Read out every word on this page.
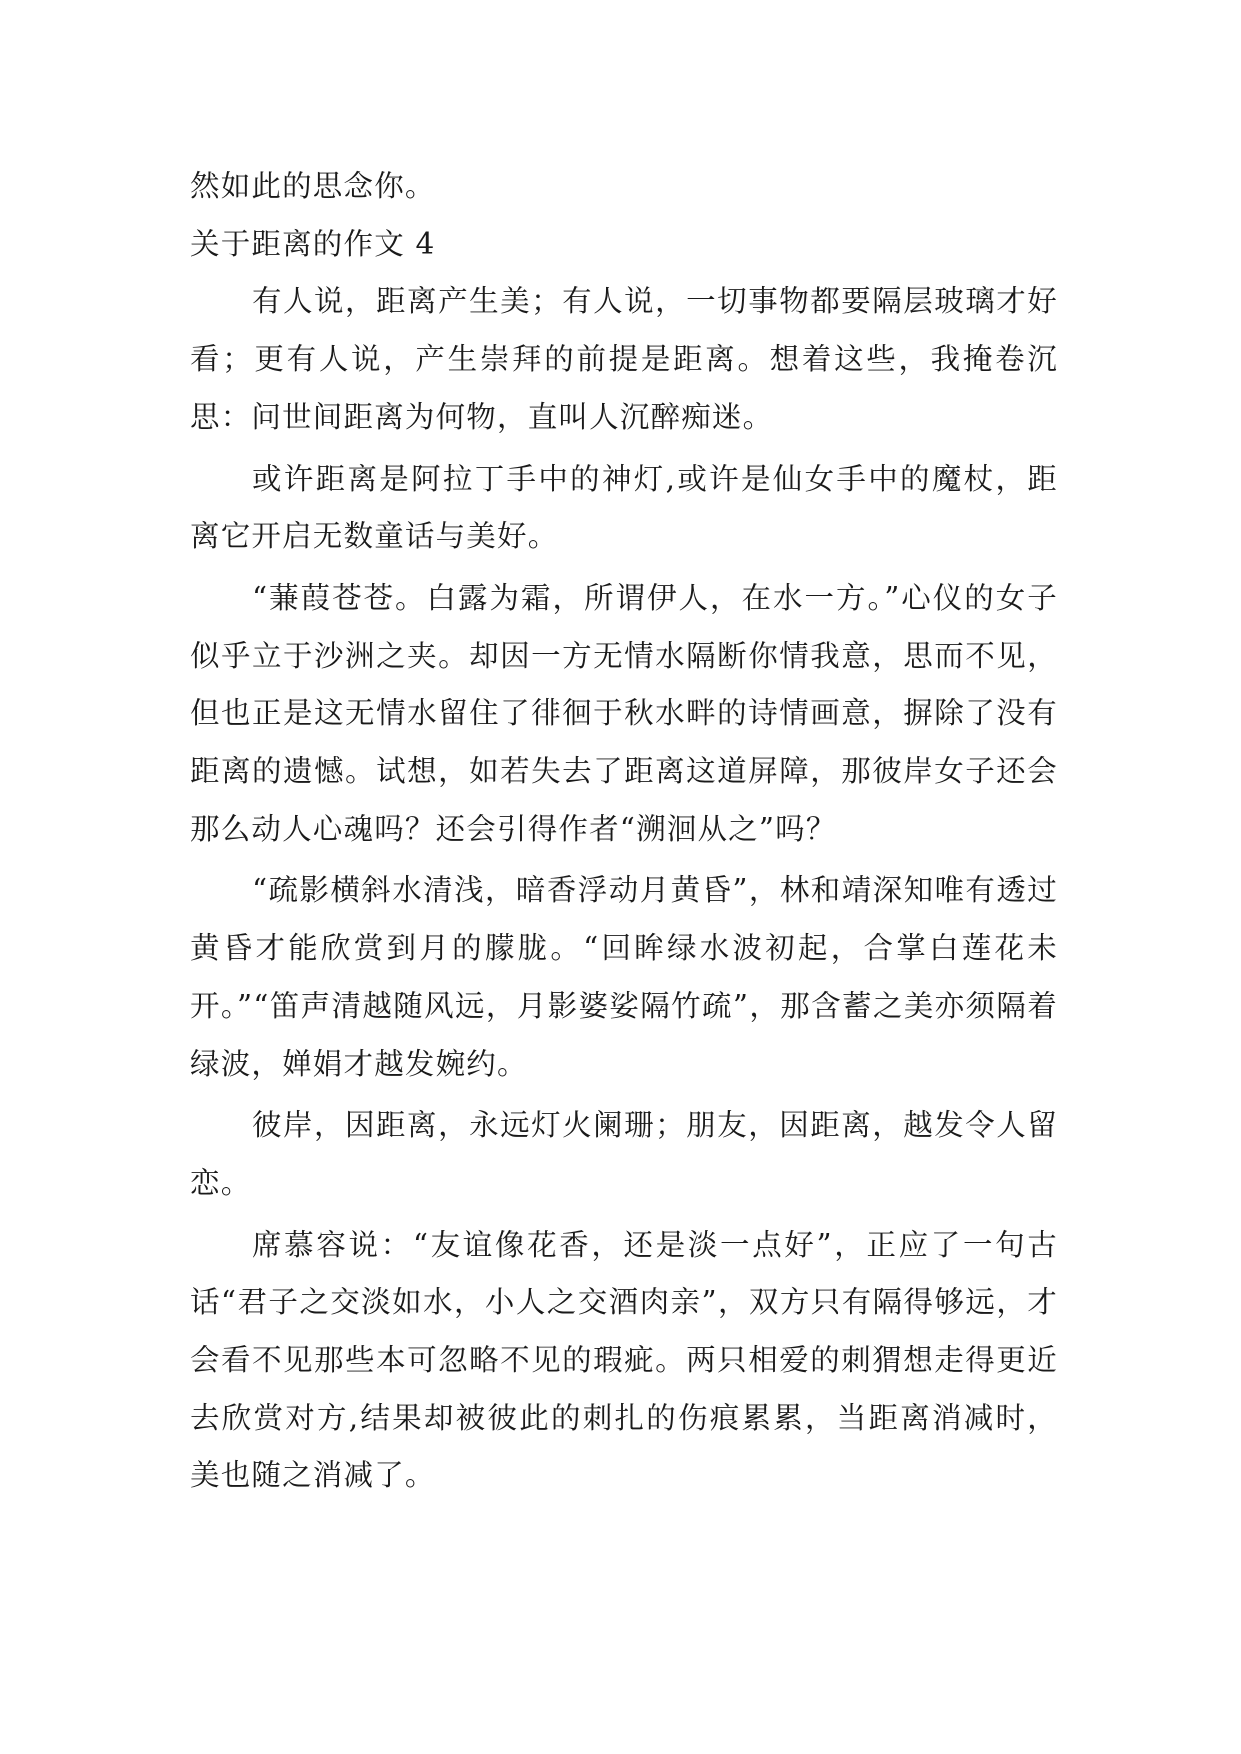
然如此的思念你。

关于距离的作文 4

有人说，距离产生美；有人说，一切事物都要隔层玻璃才好看；更有人说，产生崇拜的前提是距离。想着这些，我掩卷沉思：问世间距离为何物，直叫人沉醉痴迷。

或许距离是阿拉丁手中的神灯,或许是仙女手中的魔杖，距离它开启无数童话与美好。

“蒹葭苍苍。白露为霜，所谓伊人，在水一方。”心仪的女子似乎立于沙洲之夹。却因一方无情水隔断你情我意，思而不见，但也正是这无情水留住了徘徊于秋水畔的诗情画意，摒除了没有距离的遗憾。试想，如若失去了距离这道屏障，那彼岸女子还会那么动人心魂吗？还会引得作者“溯洄从之”吗？

“疏影横斜水清浅，暗香浮动月黄昏”，林和靖深知唯有透过黄昏才能欣赏到月的朦胧。“回眸绿水波初起，合掌白莲花未开。”“笛声清越随风远，月影婆娑隔竹疏”，那含蓄之美亦须隔着绿波，婵娟才越发婉约。

彼岸，因距离，永远灯火阑珊；朋友，因距离，越发令人留恋。

席慕容说：“友谊像花香，还是淡一点好”，正应了一句古话“君子之交淡如水，小人之交酒肉亲”，双方只有隔得够远，才会看不见那些本可忽略不见的瑕疵。两只相爱的刺猬想走得更近去欣赏对方,结果却被彼此的刺扎的伤痕累累，当距离消减时，美也随之消减了。
